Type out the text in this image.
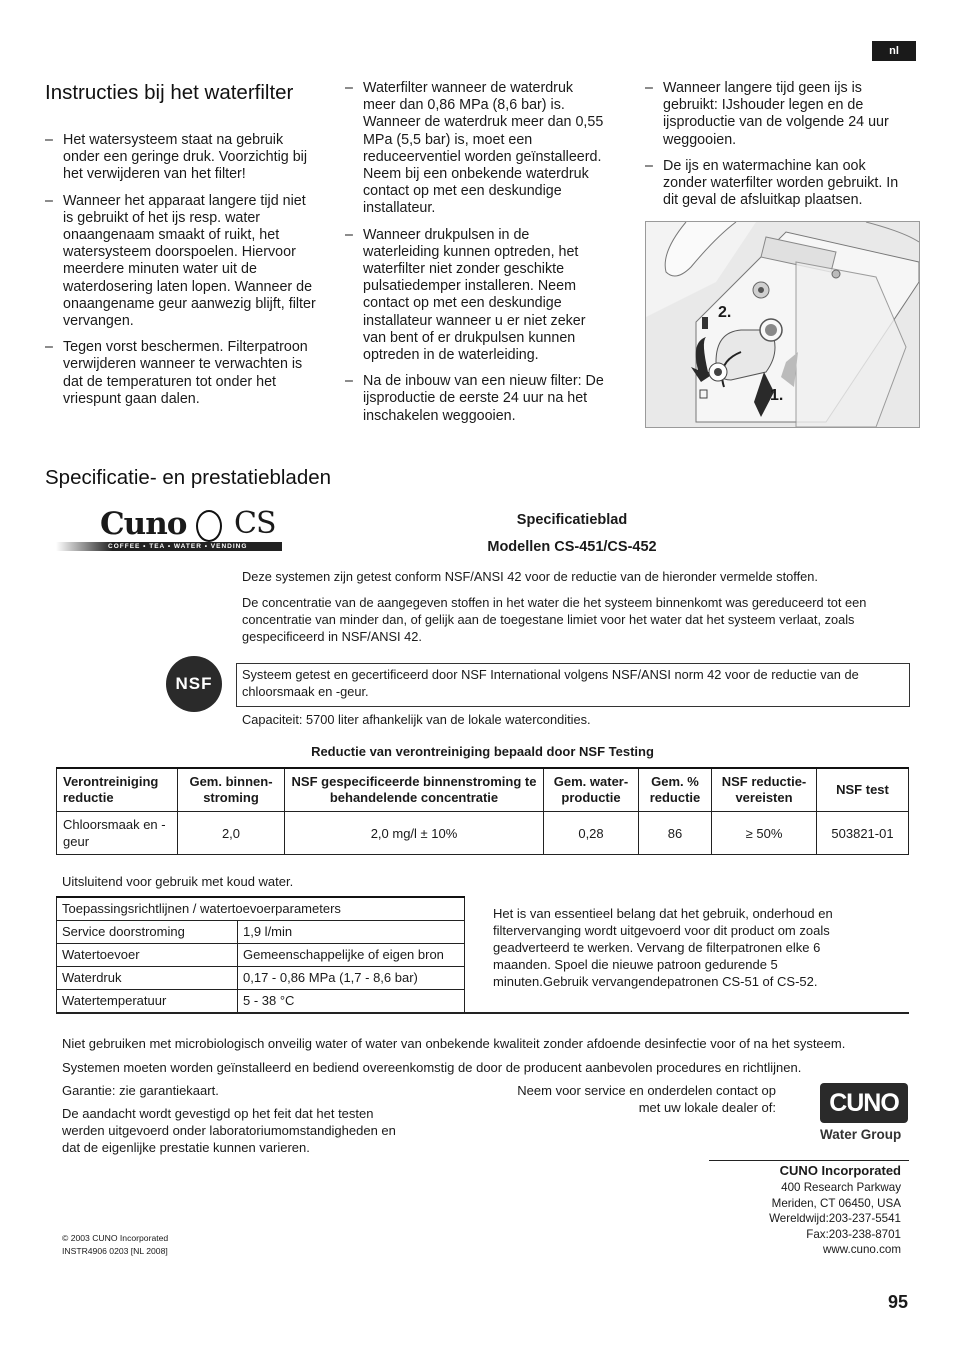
nl
Instructies bij het waterfilter

– Het watersysteem staat na gebruik onder een geringe druk. Voorzichtig bij het verwijderen van het filter!

– Wanneer het apparaat langere tijd niet is gebruikt of het ijs resp. water onaangenaam smaakt of ruikt, het watersysteem doorspoelen. Hiervoor meerdere minuten water uit de waterdosering laten lopen. Wanneer de onaangename geur aanwezig blijft, filter vervangen.

– Tegen vorst beschermen. Filterpatroon verwijderen wanneer te verwachten is dat de temperaturen tot onder het vriespunt gaan dalen.

– Waterfilter wanneer de waterdruk meer dan 0,86 MPa (8,6 bar) is. Wanneer de waterdruk meer dan 0,55 MPa (5,5 bar) is, moet een reduceerventiel worden geïnstalleerd. Neem bij een onbekende waterdruk contact op met een deskundige installateur.

– Wanneer drukpulsen in de waterleiding kunnen optreden, het waterfilter niet zonder geschikte pulsatiedemper installeren. Neem contact op met een deskundige installateur wanneer u er niet zeker van bent of er drukpulsen kunnen optreden in de waterleiding.

– Na de inbouw van een nieuw filter: De ijsproductie de eerste 24 uur na het inschakelen weggooien.

– Wanneer langere tijd geen ijs is gebruikt: IJshouder legen en de ijsproductie van de volgende 24 uur weggooien.

– De ijs en watermachine kan ook zonder waterfilter worden gebruikt. In dit geval de afsluitkap plaatsen.

2.
1.
Specificatie- en prestatiebladen
Cuno CS
COFFEE • TEA • WATER • VENDING
Specificatieblad
Modellen CS-451/CS-452
Deze systemen zijn getest conform NSF/ANSI 42 voor de reductie van de hieronder vermelde stoffen.
De concentratie van de aangegeven stoffen in het water die het systeem binnenkomt was gereduceerd tot een concentratie van minder dan, of gelijk aan de toegestane limiet voor het water dat het systeem verlaat, zoals gespecificeerd in NSF/ANSI 42.
NSF	Systeem getest en gecertificeerd door NSF International volgens NSF/ANSI norm 42 voor de reductie van de chloorsmaak en -geur.
Capaciteit: 5700 liter afhankelijk van de lokale watercondities.
Reductie van verontreiniging bepaald door NSF Testing
Verontreiniging reductie	Gem. binnen-stroming	NSF gespecificeerde binnenstroming te behandelende concentratie	Gem. water-productie	Gem. % reductie	NSF reductie-vereisten	NSF test
Chloorsmaak en -geur	2,0	2,0 mg/l ± 10%	0,28	86	≥ 50%	503821-01
Uitsluitend voor gebruik met koud water.
Toepassingsrichtlijnen / watertoevoerparameters	
Service doorstroming	1,9 l/min
Watertoevoer	Gemeenschappelijke of eigen bron
Waterdruk	0,17 - 0,86 MPa (1,7 - 8,6 bar)
Watertemperatuur	5 - 38 °C
Het is van essentieel belang dat het gebruik, onderhoud en filtervervanging wordt uitgevoerd voor dit product om zoals geadverteerd te werken. Vervang de filterpatronen elke 6 maanden. Spoel die nieuwe patroon gedurende 5 minuten.Gebruik vervangendepatronen CS-51 of CS-52.
Niet gebruiken met microbiologisch onveilig water of water van onbekende kwaliteit zonder afdoende desinfectie voor of na het systeem.
Systemen moeten worden geïnstalleerd en bediend overeenkomstig de door de producent aanbevolen procedures en richtlijnen.
Garantie: zie garantiekaart.
De aandacht wordt gevestigd op het feit dat het testen werden uitgevoerd onder laboratoriumomstandigheden en dat de eigenlijke prestatie kunnen varieren.
Neem voor service en onderdelen contact op met uw lokale dealer of:	CUNO
Water Group
CUNO Incorporated
400 Research Parkway
Meriden, CT 06450, USA
Wereldwijd:203-237-5541
Fax:203-238-8701
www.cuno.com
© 2003 CUNO Incorporated
INSTR4906 0203 [NL 2008]
95
